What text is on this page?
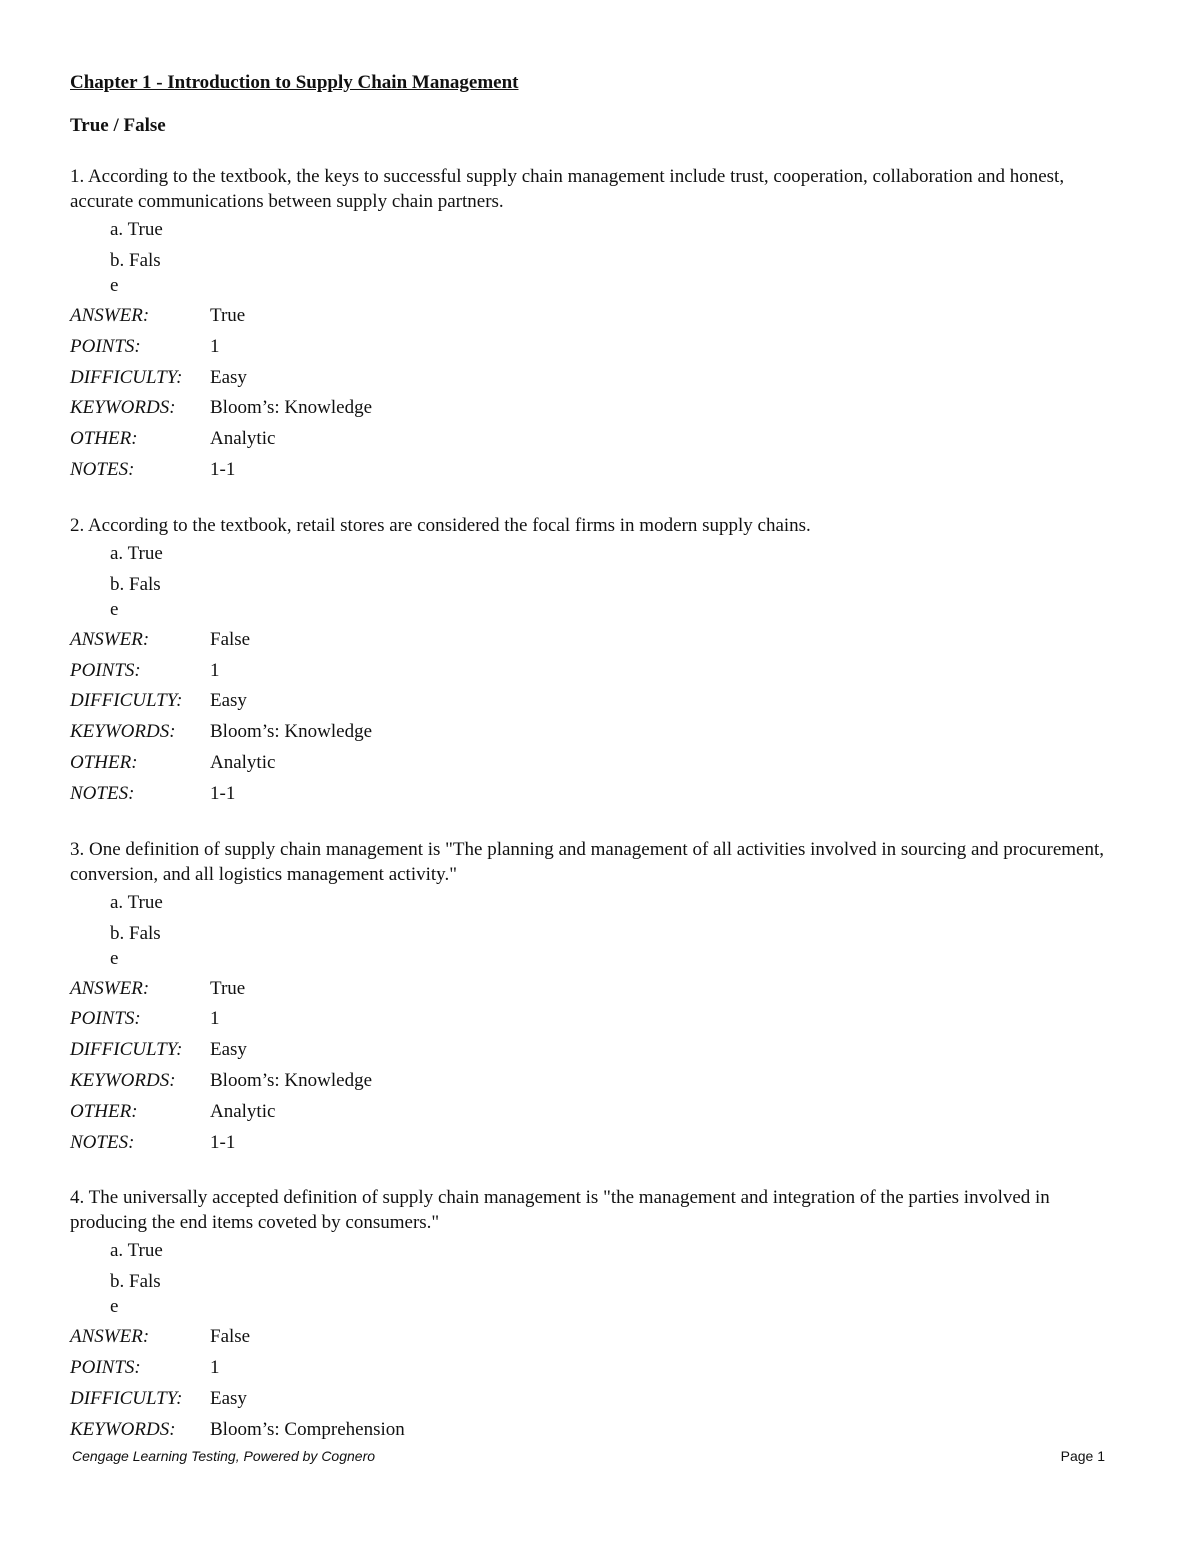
Chapter 1 - Introduction to Supply Chain Management
True / False
1. According to the textbook, the keys to successful supply chain management include trust, cooperation, collaboration and honest, accurate communications between supply chain partners.
a. True
b. False
ANSWER:	True
POINTS:	1
DIFFICULTY:	Easy
KEYWORDS:	Bloom’s: Knowledge
OTHER:	Analytic
NOTES:	1-1
2. According to the textbook, retail stores are considered the focal firms in modern supply chains.
a. True
b. False
ANSWER:	False
POINTS:	1
DIFFICULTY:	Easy
KEYWORDS:	Bloom’s: Knowledge
OTHER:	Analytic
NOTES:	1-1
3. One definition of supply chain management is "The planning and management of all activities involved in sourcing and procurement, conversion, and all logistics management activity."
a. True
b. False
ANSWER:	True
POINTS:	1
DIFFICULTY:	Easy
KEYWORDS:	Bloom’s: Knowledge
OTHER:	Analytic
NOTES:	1-1
4. The universally accepted definition of supply chain management is "the management and integration of the parties involved in producing the end items coveted by consumers."
a. True
b. False
ANSWER:	False
POINTS:	1
DIFFICULTY:	Easy
KEYWORDS:	Bloom’s: Comprehension
Cengage Learning Testing, Powered by Cognero	Page 1
